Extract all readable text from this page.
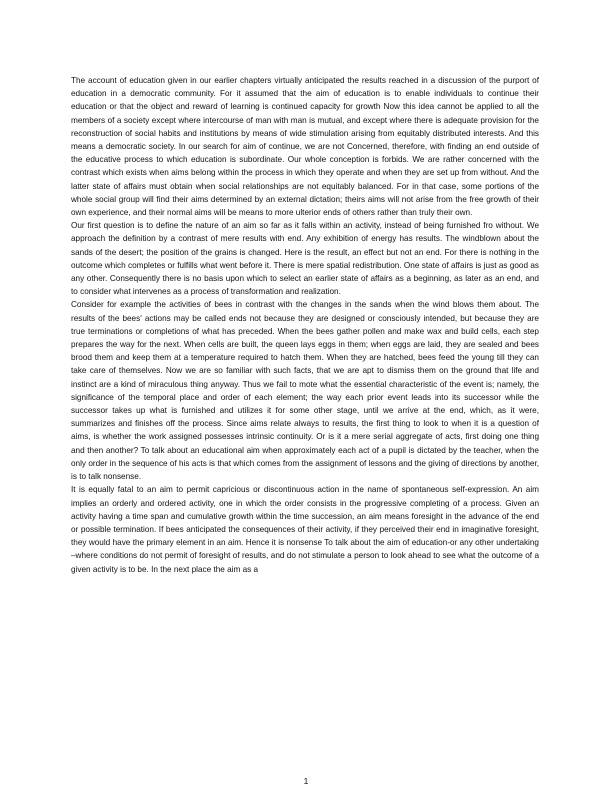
The account of education given in our earlier chapters virtually anticipated the results reached in a discussion of the purport of education in a democratic community. For it assumed that the aim of education is to enable individuals to continue their education or that the object and reward of learning is continued capacity for growth Now this idea cannot be applied to all the members of a society except where intercourse of man with man is mutual, and except where there is adequate provision for the reconstruction of social habits and institutions by means of wide stimulation arising from equitably distributed interests. And this means a democratic society. In our search for aim of continue, we are not Concerned, therefore, with finding an end outside of the educative process to which education is subordinate. Our whole conception is forbids. We are rather concerned with the contrast which exists when aims belong within the process in which they operate and when they are set up from without. And the latter state of affairs must obtain when social relationships are not equitably balanced. For in that case, some portions of the whole social group will find their aims determined by an external dictation; theirs aims will not arise from the free growth of their own experience, and their normal aims will be means to more ulterior ends of others rather than truly their own.

Our first question is to define the nature of an aim so far as it falls within an activity, instead of being furnished fro without. We approach the definition by a contrast of mere results with end. Any exhibition of energy has results. The windblown about the sands of the desert; the position of the grains is changed. Here is the result, an effect but not an end. For there is nothing in the outcome which completes or fulfills what went before it. There is mere spatial redistribution. One state of affairs is just as good as any other. Consequently there is no basis upon which to select an earlier state of affairs as a beginning, as later as an end, and to consider what intervenes as a process of transformation and realization.

Consider for example the activities of bees in contrast with the changes in the sands when the wind blows them about. The results of the bees' actions may be called ends not because they are designed or consciously intended, but because they are true terminations or completions of what has preceded. When the bees gather pollen and make wax and build cells, each step prepares the way for the next. When cells are built, the queen lays eggs in them; when eggs are laid, they are sealed and bees brood them and keep them at a temperature required to hatch them. When they are hatched, bees feed the young till they can take care of themselves. Now we are so familiar with such facts, that we are apt to dismiss them on the ground that life and instinct are a kind of miraculous thing anyway. Thus we fail to mote what the essential characteristic of the event is; namely, the significance of the temporal place and order of each element; the way each prior event leads into its successor while the successor takes up what is furnished and utilizes it for some other stage, until we arrive at the end, which, as it were, summarizes and finishes off the process. Since aims relate always to results, the first thing to look to when it is a question of aims, is whether the work assigned possesses intrinsic continuity. Or is it a mere serial aggregate of acts, first doing one thing and then another? To talk about an educational aim when approximately each act of a pupil is dictated by the teacher, when the only order in the sequence of his acts is that which comes from the assignment of lessons and the giving of directions by another, is to talk nonsense.

It is equally fatal to an aim to permit capricious or discontinuous action in the name of spontaneous self-expression. An aim implies an orderly and ordered activity, one in which the order consists in the progressive completing of a process. Given an activity having a time span and cumulative growth within the time succession, an aim means foresight in the advance of the end or possible termination. If bees anticipated the consequences of their activity, if they perceived their end in imaginative foresight, they would have the primary element in an aim. Hence it is nonsense To talk about the aim of education-or any other undertaking –where conditions do not permit of foresight of results, and do not stimulate a person to look ahead to see what the outcome of a given activity is to be. In the next place the aim as a

1
